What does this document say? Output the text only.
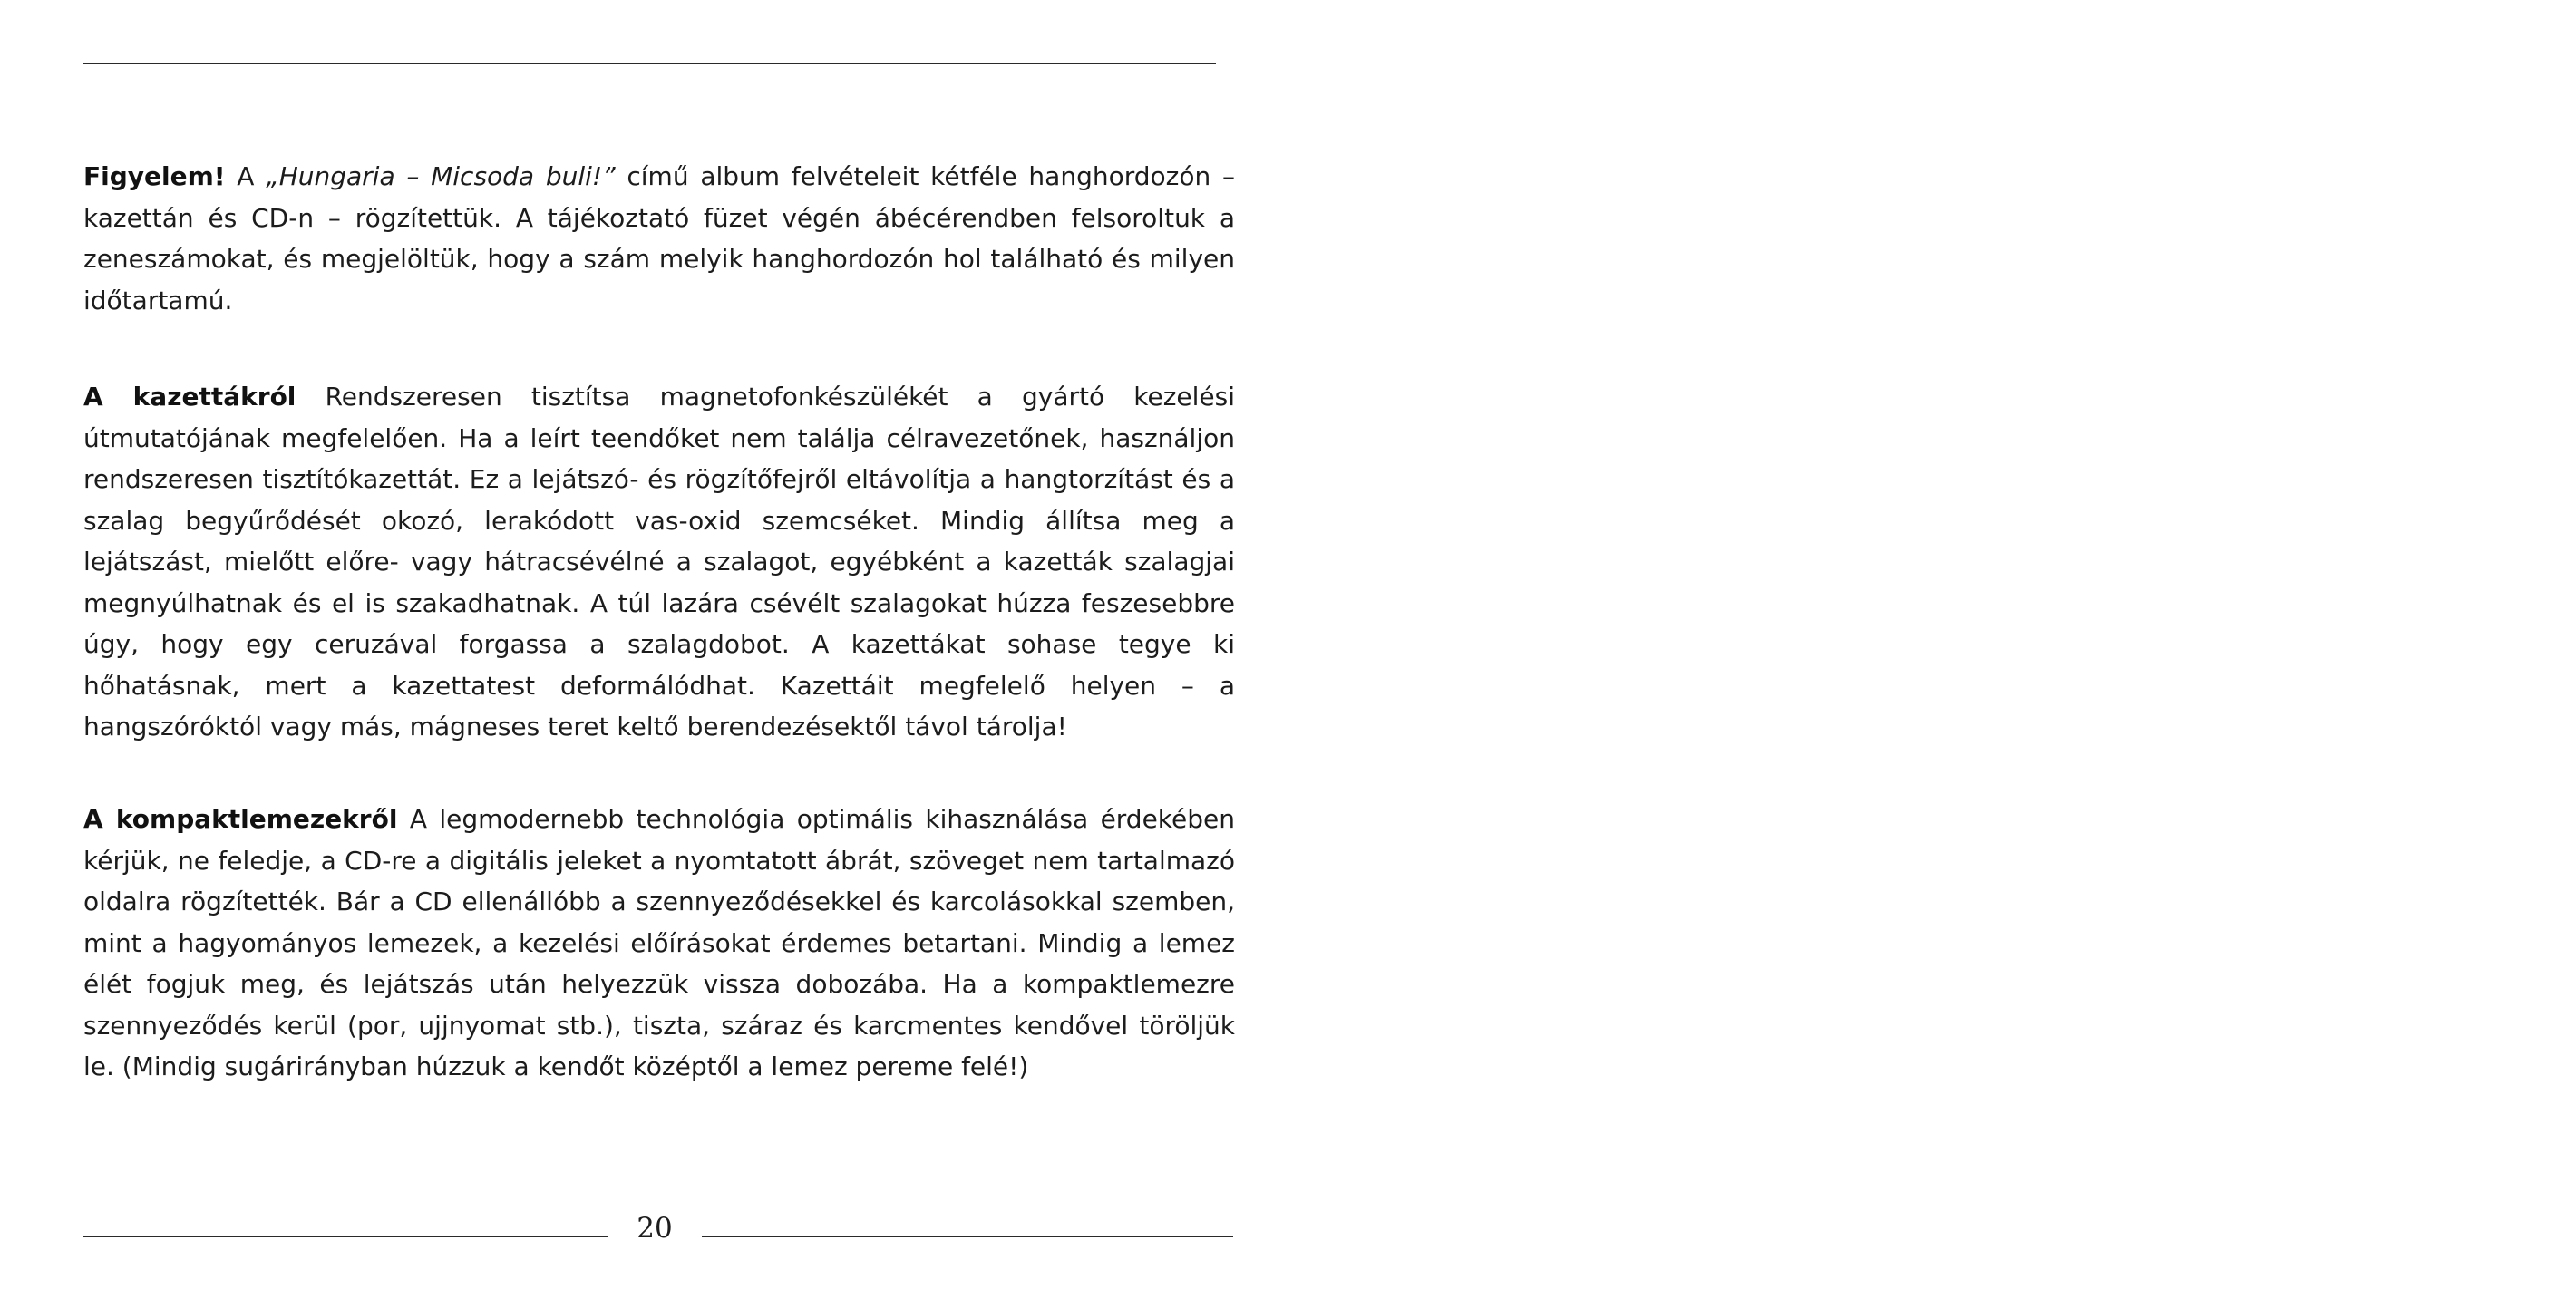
Figyelem! A „Hungaria – Micsoda buli!” című album felvételeit kétféle hanghordozón – kazettán és CD-n – rögzítettük. A tájékoztató füzet végén ábécérendben felsoroltuk a zeneszámokat, és megjelöltük, hogy a szám melyik hanghordozón hol található és milyen időtartamú.

A kazettákról Rendszeresen tisztítsa magnetofonkészülékét a gyártó kezelési útmutatójának megfelelően. Ha a leírt teendőket nem találja célravezetőnek, használjon rendszeresen tisztítókazettát. Ez a lejátszó- és rögzítőfejről eltávolítja a hangtorzítást és a szalag begyűrődését okozó, lerakódott vas-oxid szemcséket. Mindig állítsa meg a lejátszást, mielőtt előre- vagy hátracsévélné a szalagot, egyébként a kazetták szalagjai megnyúlhatnak és el is szakadhatnak. A túl lazára csévélt szalagokat húzza feszesebbre úgy, hogy egy ceruzával forgassa a szalagdobot. A kazettákat sohase tegye ki hőhatásnak, mert a kazettatest deformálódhat. Kazettáit megfelelő helyen – a hangszóróktól vagy más, mágneses teret keltő berendezésektől távol tárolja!

A kompaktlemezekről A legmodernebb technológia optimális kihasználása érdekében kérjük, ne feledje, a CD-re a digitális jeleket a nyomtatott ábrát, szöveget nem tartalmazó oldalra rögzítették. Bár a CD ellenállóbb a szennyeződésekkel és karcolásokkal szemben, mint a hagyományos lemezek, a kezelési előírásokat érdemes betartani. Mindig a lemez élét fogjuk meg, és lejátszás után helyezzük vissza dobozába. Ha a kompaktlemezre szennyeződés kerül (por, ujjnyomat stb.), tiszta, száraz és karcmentes kendővel töröljük le. (Mindig sugárirányban húzzuk a kendőt középtől a lemez pereme felé!)

20
